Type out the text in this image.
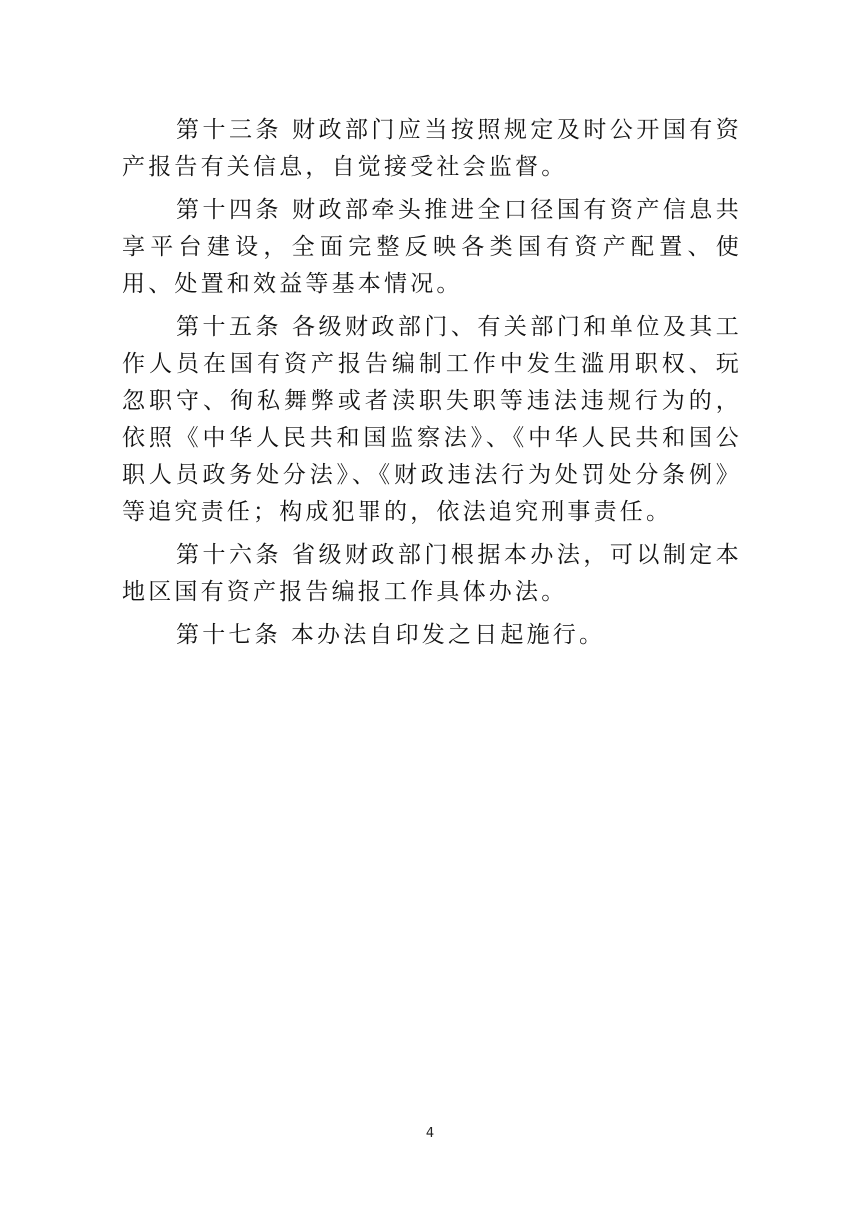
第十三条 财政部门应当按照规定及时公开国有资产报告有关信息，自觉接受社会监督。

第十四条 财政部牵头推进全口径国有资产信息共享平台建设，全面完整反映各类国有资产配置、使用、处置和效益等基本情况。

第十五条 各级财政部门、有关部门和单位及其工作人员在国有资产报告编制工作中发生滥用职权、玩忽职守、徇私舞弊或者渎职失职等违法违规行为的，依照《中华人民共和国监察法》、《中华人民共和国公职人员政务处分法》、《财政违法行为处罚处分条例》等追究责任；构成犯罪的，依法追究刑事责任。

第十六条 省级财政部门根据本办法，可以制定本地区国有资产报告编报工作具体办法。

第十七条 本办法自印发之日起施行。

4
